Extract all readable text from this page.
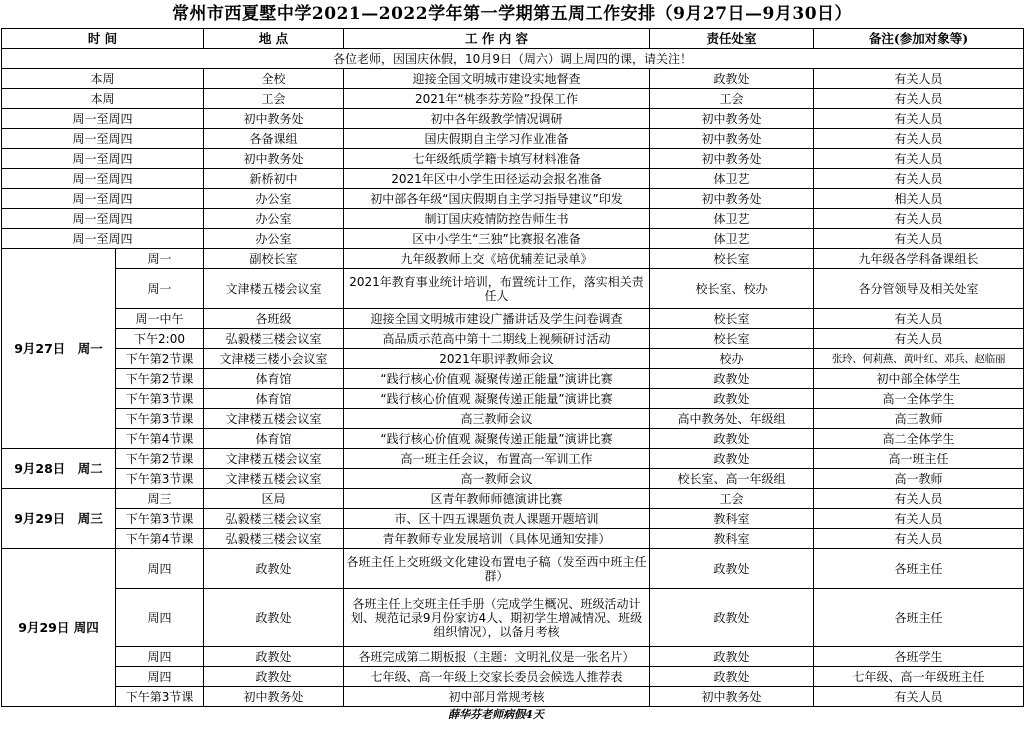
常州市西夏墅中学2021—2022学年第一学期第五周工作安排（9月27日—9月30日）
时 间		地 点	工 作 内 容	责任处室	备注(参加对象等)
各位老师，因国庆休假，10月9日（周六）调上周四的课，请关注！					
本周		全校	迎接全国文明城市建设实地督查	政教处	有关人员
本周		工会	2021年“桃李芬芳险”投保工作	工会	有关人员
周一至周四		初中教务处	初中各年级教学情况调研	初中教务处	有关人员
周一至周四		各备课组	国庆假期自主学习作业准备	初中教务处	有关人员
周一至周四		初中教务处	七年级纸质学籍卡填写材料准备	初中教务处	有关人员
周一至周四		新桥初中	2021年区中小学生田径运动会报名准备	体卫艺	有关人员
周一至周四		办公室	初中部各年级“国庆假期自主学习指导建议”印发	初中教务处	相关人员
周一至周四		办公室	制订国庆疫情防控告师生书	体卫艺	有关人员
周一至周四		办公室	区中小学生“三独”比赛报名准备	体卫艺	有关人员
9月27日　周一	周一	副校长室	九年级教师上交《培优辅差记录单》	校长室	九年级各学科备课组长
	周一	文津楼五楼会议室	2021年教育事业统计培训，布置统计工作，落实相关责任人	校长室、校办	各分管领导及相关处室
	周一中午	各班级	迎接全国文明城市建设广播讲话及学生问卷调查	校长室	有关人员
	下午2:00	弘毅楼三楼会议室	高品质示范高中第十二期线上视频研讨活动	校长室	有关人员
	下午第2节课	文津楼三楼小会议室	2021年职评教师会议	校办	张玲、何莉燕、黄叶红、邓兵、赵临丽
	下午第2节课	体育馆	“践行核心价值观 凝聚传递正能量”演讲比赛	政教处	初中部全体学生
	下午第3节课	体育馆	“践行核心价值观 凝聚传递正能量”演讲比赛	政教处	高一全体学生
	下午第3节课	文津楼五楼会议室	高三教师会议	高中教务处、年级组	高三教师
	下午第4节课	体育馆	“践行核心价值观 凝聚传递正能量”演讲比赛	政教处	高二全体学生
9月28日　周二	下午第2节课	文津楼五楼会议室	高一班主任会议，布置高一军训工作	政教处	高一班主任
	下午第3节课	文津楼五楼会议室	高一教师会议	校长室、高一年级组	高一教师
9月29日　周三	周三	区局	区青年教师师德演讲比赛	工会	有关人员
	下午第3节课	弘毅楼三楼会议室	市、区十四五课题负责人课题开题培训	教科室	有关人员
	下午第4节课	弘毅楼三楼会议室	青年教师专业发展培训（具体见通知安排）	教科室	有关人员
9月29日 周四	周四	政教处	各班主任上交班级文化建设布置电子稿（发至西中班主任群）	政教处	各班主任
	周四	政教处	各班主任上交班主任手册（完成学生概况、班级活动计划、规范记录9月份家访4人、期初学生增减情况、班级组织情况），以备月考核	政教处	各班主任
	周四	政教处	各班完成第二期板报（主题：文明礼仪是一张名片）	政教处	各班学生
	周四	政教处	七年级、高一年级上交家长委员会候选人推荐表	政教处	七年级、高一年级班主任
	下午第3节课	初中教务处	初中部月常规考核	初中教务处	有关人员
			薛华芬老师病假4天		
